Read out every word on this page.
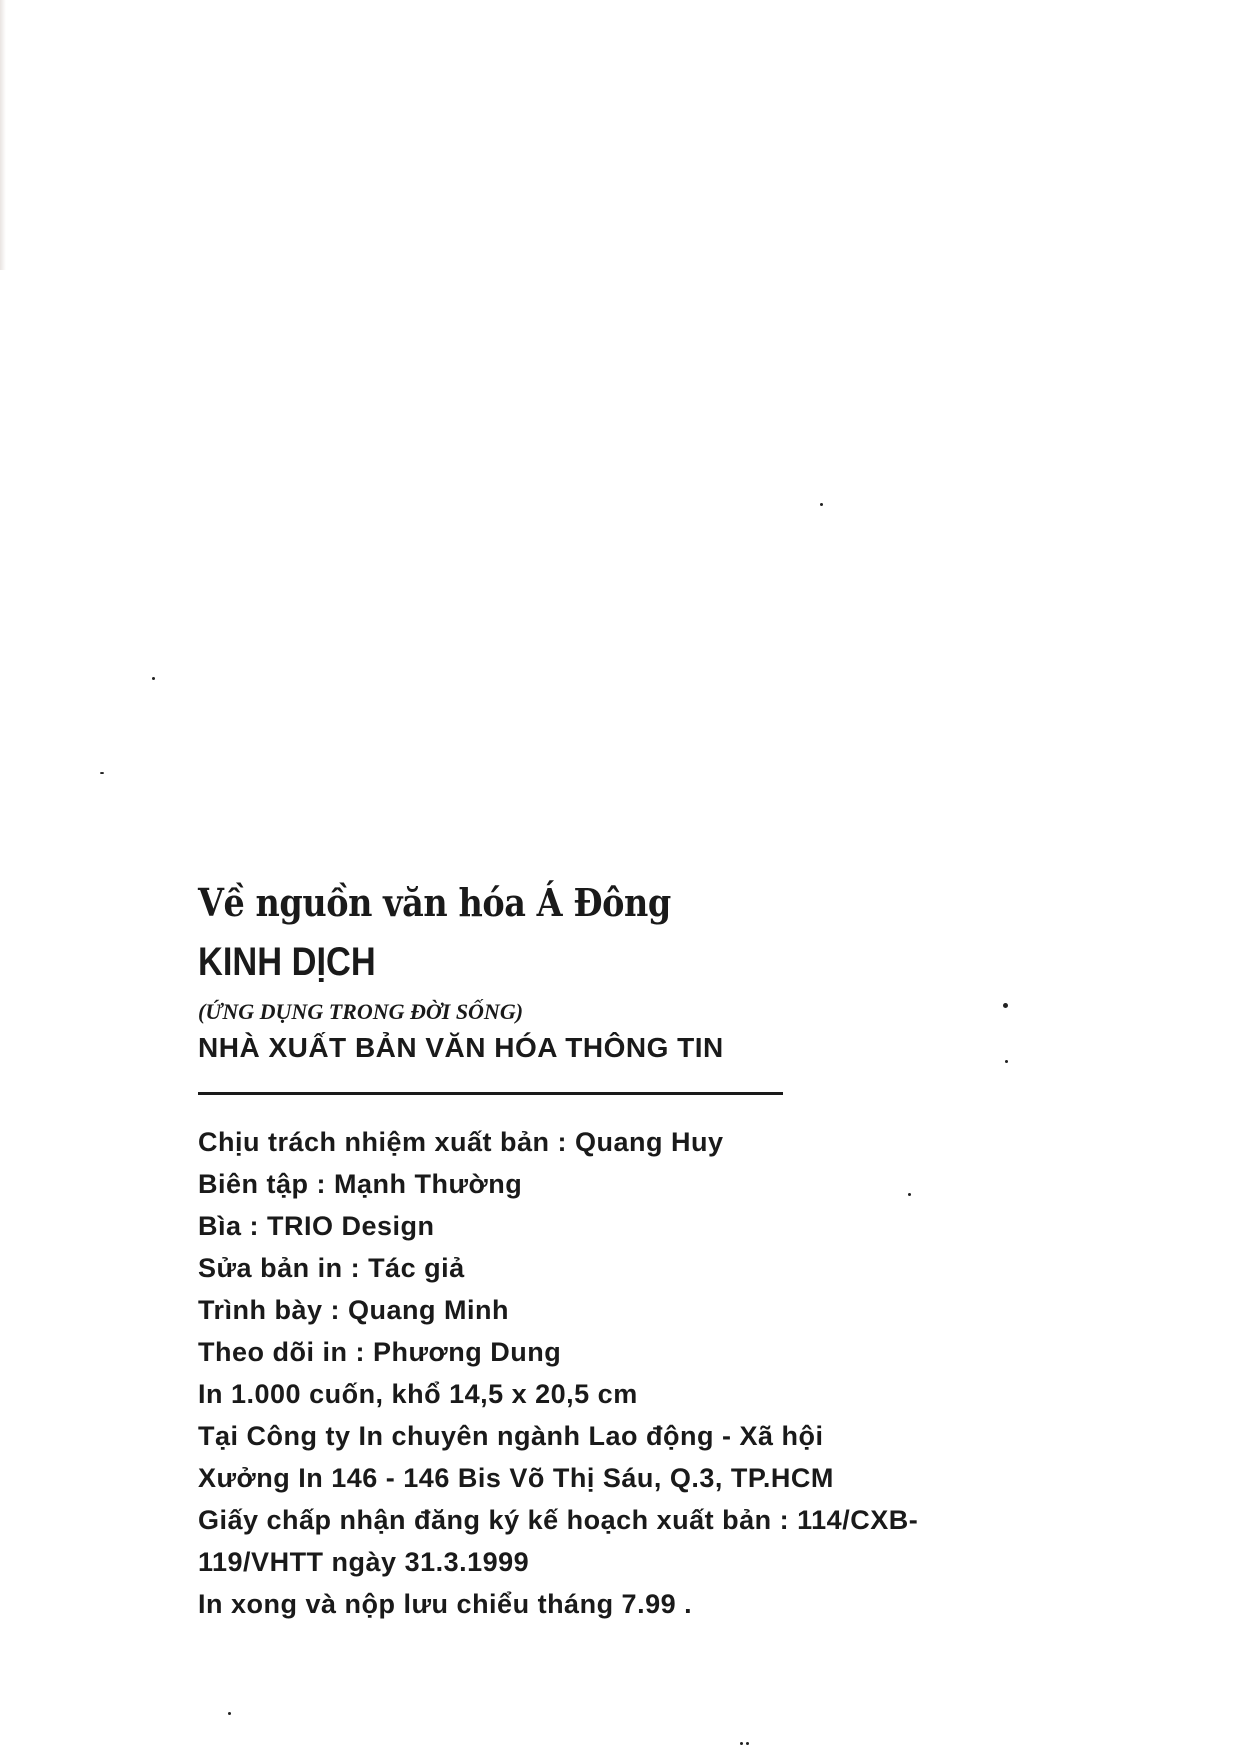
Về nguồn văn hóa Á Đông
KINH DỊCH

(ỨNG DỤNG TRONG ĐỜI SỐNG)

NHÀ XUẤT BẢN VĂN HÓA THÔNG TIN

Chịu trách nhiệm xuất bản : Quang Huy
Biên tập : Mạnh Thường
Bìa : TRIO Design
Sửa bản in : Tác giả
Trình bày : Quang Minh
Theo dõi in : Phương Dung
In 1.000 cuốn, khổ 14,5 x 20,5 cm
Tại Công ty In chuyên ngành Lao động - Xã hội
Xưởng In 146 - 146 Bis Võ Thị Sáu, Q.3, TP.HCM
Giấy chấp nhận đăng ký kế hoạch xuất bản : 114/CXB-
119/VHTT ngày 31.3.1999
In xong và nộp lưu chiểu tháng 7.99 .
